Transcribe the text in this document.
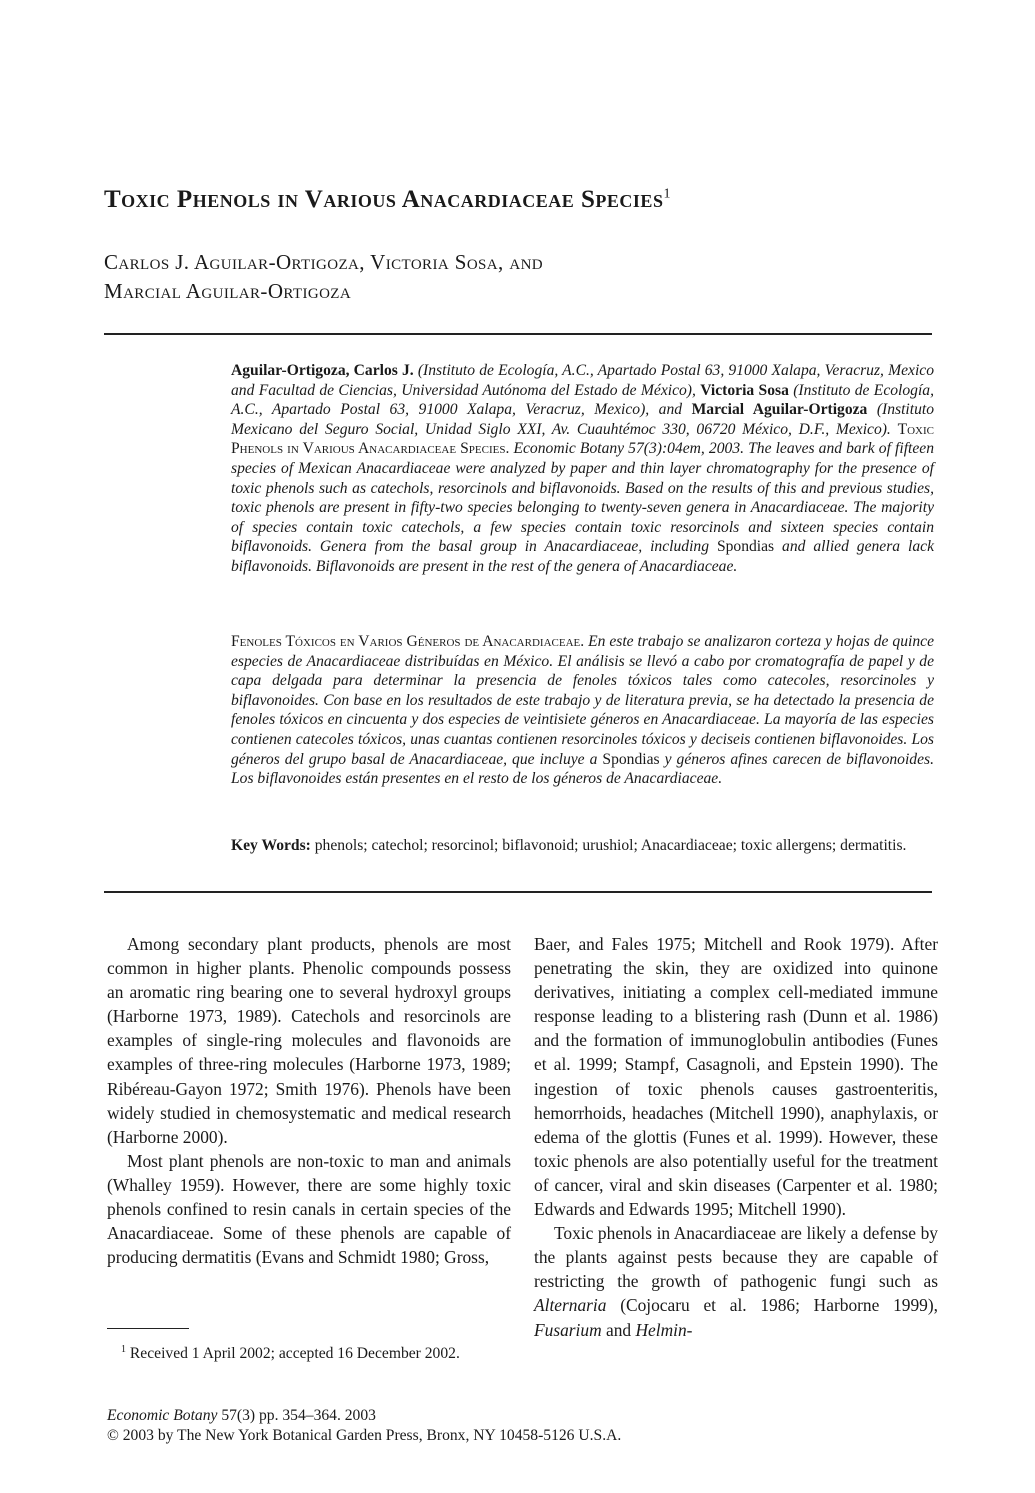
Toxic Phenols in Various Anacardiaceae Species$^1$
Carlos J. Aguilar-Ortigoza, Victoria Sosa, and
Marcial Aguilar-Ortigoza

Aguilar-Ortigoza, Carlos J. (Instituto de Ecología, A.C., Apartado Postal 63, 91000 Xalapa, Veracruz, Mexico and Facultad de Ciencias, Universidad Autónoma del Estado de México), Victoria Sosa (Instituto de Ecología, A.C., Apartado Postal 63, 91000 Xalapa, Veracruz, Mexico), and Marcial Aguilar-Ortigoza (Instituto Mexicano del Seguro Social, Unidad Siglo XXI, Av. Cuauhtémoc 330, 06720 México, D.F., Mexico). Toxic Phenols in Various Anacardiaceae Species. Economic Botany 57(3):04em, 2003. The leaves and bark of fifteen species of Mexican Anacardiaceae were analyzed by paper and thin layer chromatography for the presence of toxic phenols such as catechols, resorcinols and biflavonoids. Based on the results of this and previous studies, toxic phenols are present in fifty-two species belonging to twenty-seven genera in Anacardiaceae. The majority of species contain toxic catechols, a few species contain toxic resorcinols and sixteen species contain biflavonoids. Genera from the basal group in Anacardiaceae, including Spondias and allied genera lack biflavonoids. Biflavonoids are present in the rest of the genera of Anacardiaceae.

Fenoles Tóxicos en Varios Géneros de Anacardiaceae. En este trabajo se analizaron corteza y hojas de quince especies de Anacardiaceae distribuídas en México. El análisis se llevó a cabo por cromatografía de papel y de capa delgada para determinar la presencia de fenoles tóxicos tales como catecoles, resorcinoles y biflavonoides. Con base en los resultados de este trabajo y de literatura previa, se ha detectado la presencia de fenoles tóxicos en cincuenta y dos especies de veintisiete géneros en Anacardiaceae. La mayoría de las especies contienen catecoles tóxicos, unas cuantas contienen resorcinoles tóxicos y deciseis contienen biflavonoides. Los géneros del grupo basal de Anacardiaceae, que incluye a Spondias y géneros afines carecen de biflavonoides. Los biflavonoides están presentes en el resto de los géneros de Anacardiaceae.

Key Words: phenols; catechol; resorcinol; biflavonoid; urushiol; Anacardiaceae; toxic allergens; dermatitis.

Among secondary plant products, phenols are most common in higher plants. Phenolic compounds possess an aromatic ring bearing one to several hydroxyl groups (Harborne 1973, 1989). Catechols and resorcinols are examples of single-ring molecules and flavonoids are examples of three-ring molecules (Harborne 1973, 1989; Ribéreau-Gayon 1972; Smith 1976). Phenols have been widely studied in chemosystematic and medical research (Harborne 2000).

Most plant phenols are non-toxic to man and animals (Whalley 1959). However, there are some highly toxic phenols confined to resin canals in certain species of the Anacardiaceae. Some of these phenols are capable of producing dermatitis (Evans and Schmidt 1980; Gross,

Baer, and Fales 1975; Mitchell and Rook 1979). After penetrating the skin, they are oxidized into quinone derivatives, initiating a complex cell-mediated immune response leading to a blistering rash (Dunn et al. 1986) and the formation of immunoglobulin antibodies (Funes et al. 1999; Stampf, Casagnoli, and Epstein 1990). The ingestion of toxic phenols causes gastroenteritis, hemorrhoids, headaches (Mitchell 1990), anaphylaxis, or edema of the glottis (Funes et al. 1999). However, these toxic phenols are also potentially useful for the treatment of cancer, viral and skin diseases (Carpenter et al. 1980; Edwards and Edwards 1995; Mitchell 1990).

Toxic phenols in Anacardiaceae are likely a defense by the plants against pests because they are capable of restricting the growth of pathogenic fungi such as Alternaria (Cojocaru et al. 1986; Harborne 1999), Fusarium and Helmin-

$^1$ Received 1 April 2002; accepted 16 December 2002.

Economic Botany 57(3) pp. 354–364. 2003

© 2003 by The New York Botanical Garden Press, Bronx, NY 10458-5126 U.S.A.
